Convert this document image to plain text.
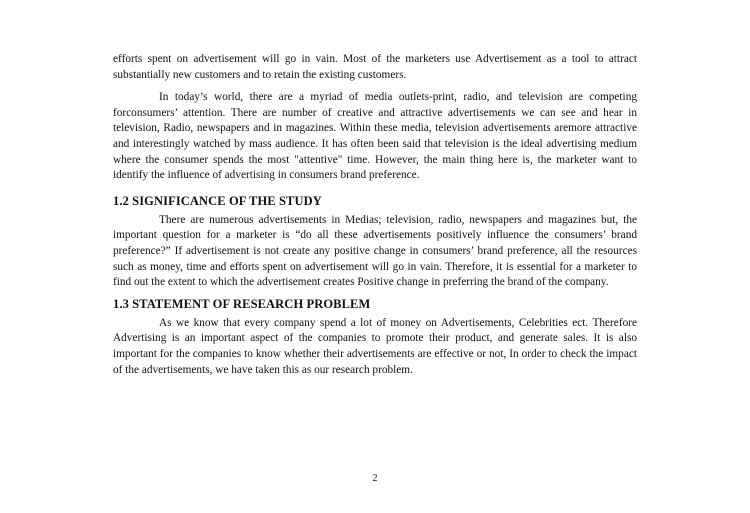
efforts spent on advertisement will go in vain. Most of the marketers use Advertisement as a tool to attract substantially new customers and to retain the existing customers.

In today’s world, there are a myriad of media outlets-print, radio, and television are competing forconsumers’ attention. There are number of creative and attractive advertisements we can see and hear in television, Radio, newspapers and in magazines. Within these media, television advertisements aremore attractive and interestingly watched by mass audience. It has often been said that television is the ideal advertising medium where the consumer spends the most "attentive" time. However, the main thing here is, the marketer want to identify the influence of advertising in consumers brand preference.

1.2 SIGNIFICANCE OF THE STUDY

There are numerous advertisements in Medias; television, radio, newspapers and magazines but, the important question for a marketer is “do all these advertisements positively influence the consumers’ brand preference?” If advertisement is not create any positive change in consumers’ brand preference, all the resources such as money, time and efforts spent on advertisement will go in vain. Therefore, it is essential for a marketer to find out the extent to which the advertisement creates Positive change in preferring the brand of the company.

1.3 STATEMENT OF RESEARCH PROBLEM

As we know that every company spend a lot of money on Advertisements, Celebrities ect. Therefore Advertising is an important aspect of the companies to promote their product, and generate sales. It is also important for the companies to know whether their advertisements are effective or not, In order to check the impact of the advertisements, we have taken this as our research problem.

2
